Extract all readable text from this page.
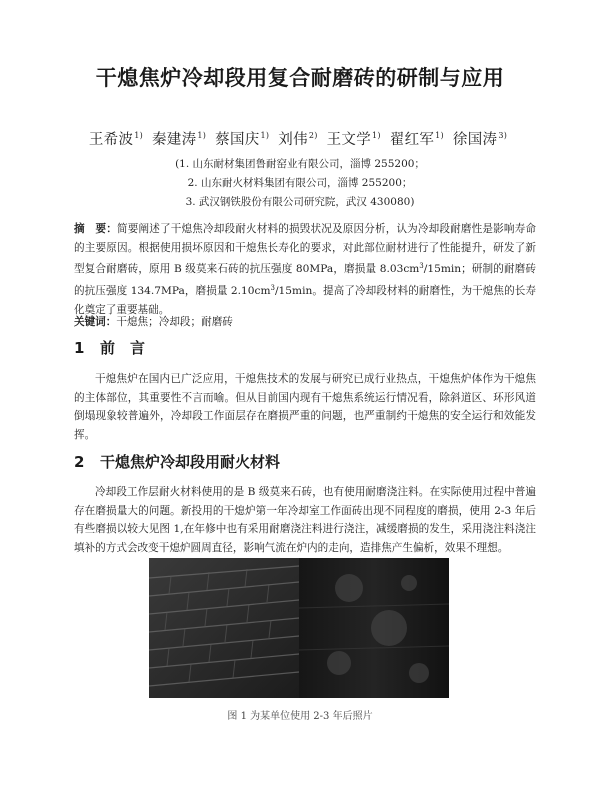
干熄焦炉冷却段用复合耐磨砖的研制与应用
王希波$^{1)}$ 秦建涛$^{1)}$ 蔡国庆$^{1)}$ 刘伟$^{2)}$ 王文学$^{1)}$ 翟红军$^{1)}$ 徐国涛$^{3)}$
(1. 山东耐材集团鲁耐窑业有限公司，淄博 255200；
2. 山东耐火材料集团有限公司，淄博 255200；
3. 武汉钢铁股份有限公司研究院，武汉 430080)
摘　要：简要阐述了干熄焦冷却段耐火材料的损毁状况及原因分析，认为冷却段耐磨性是影响寿命的主要原因。根据使用损坏原因和干熄焦长寿化的要求，对此部位耐材进行了性能提升，研发了新型复合耐磨砖，原用 B 级莫来石砖的抗压强度 80MPa，磨损量 $8.03cm^3/15\min$；研制的耐磨砖的抗压强度 134.7MPa，磨损量 $2.10cm^3/15\min$。提高了冷却段材料的耐磨性，为干熄焦的长寿化奠定了重要基础。
关键词：干熄焦；冷却段；耐磨砖
1 前　言
干熄焦炉在国内已广泛应用，干熄焦技术的发展与研究已成行业热点，干熄焦炉体作为干熄焦的主体部位，其重要性不言而喻。但从目前国内现有干熄焦系统运行情况看，除斜道区、环形风道倒塌现象较普遍外，冷却段工作面层存在磨损严重的问题，也严重制约干熄焦的安全运行和效能发挥。
2 干熄焦炉冷却段用耐火材料
冷却段工作层耐火材料使用的是 B 级莫来石砖，也有使用耐磨浇注料。在实际使用过程中普遍存在磨损量大的问题。新投用的干熄炉第一年冷却室工作面砖出现不同程度的磨损，使用 2-3 年后有些磨损以较大见图 1,在年修中也有采用耐磨浇注料进行浇注，减缓磨损的发生，采用浇注料浇注填补的方式会改变干熄炉圆周直径，影响气流在炉内的走向，造排焦产生偏析，效果不理想。
图 1 为某单位使用 2-3 年后照片
